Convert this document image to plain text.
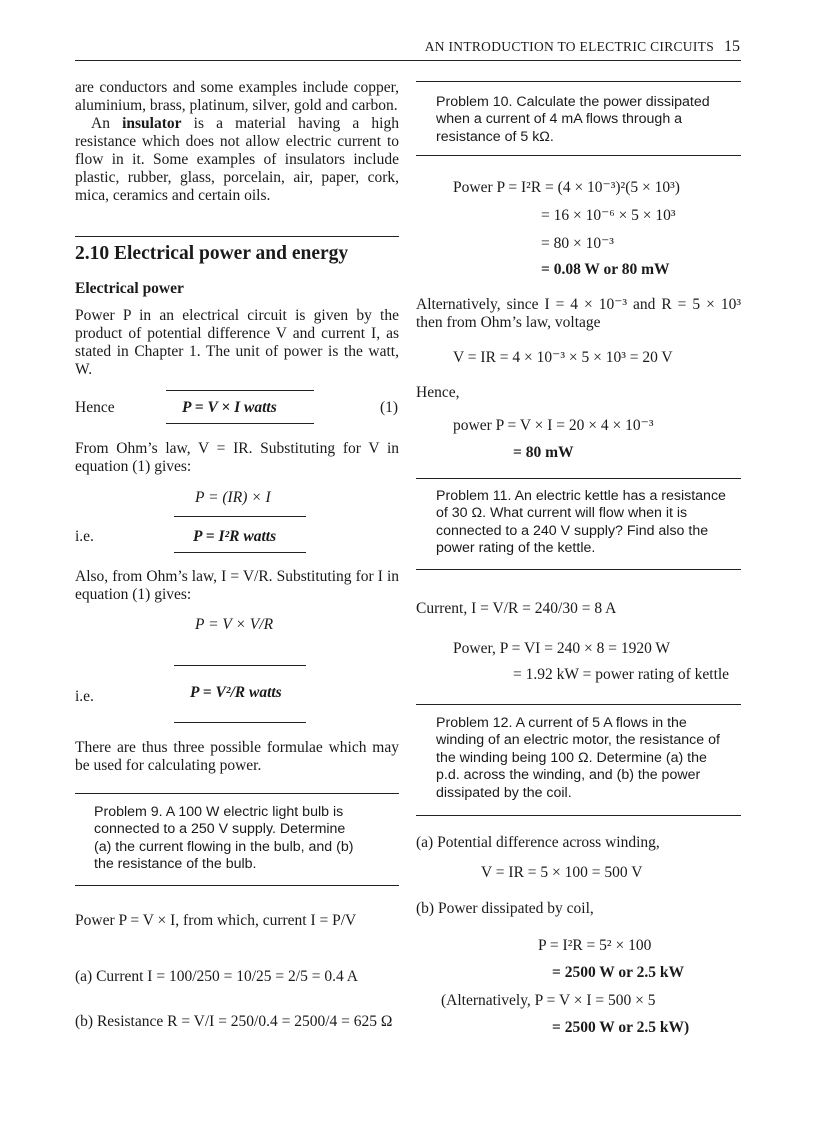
AN INTRODUCTION TO ELECTRIC CIRCUITS 15
are conductors and some examples include copper, aluminium, brass, platinum, silver, gold and carbon.
An insulator is a material having a high resistance which does not allow electric current to flow in it. Some examples of insulators include plastic, rubber, glass, porcelain, air, paper, cork, mica, ceramics and certain oils.
2.10 Electrical power and energy
Electrical power
Power P in an electrical circuit is given by the product of potential difference V and current I, as stated in Chapter 1. The unit of power is the watt, W.
Hence	P = V × I watts	(1)
From Ohm’s law, V = IR. Substituting for V in equation (1) gives:
P = (IR) × I
i.e.	P = I²R watts
Also, from Ohm’s law, I = V/R. Substituting for I in equation (1) gives:
P = V × V/R
i.e.	P = V²/R watts
There are thus three possible formulae which may be used for calculating power.
Problem 9. A 100 W electric light bulb is connected to a 250 V supply. Determine (a) the current flowing in the bulb, and (b) the resistance of the bulb.
Power P = V × I, from which, current I = P/V
(a) Current I = 100/250 = 10/25 = 2/5 = 0.4 A
(b) Resistance R = V/I = 250/0.4 = 2500/4 = 625 Ω
Problem 10. Calculate the power dissipated when a current of 4 mA flows through a resistance of 5 kΩ.
Power P = I²R = (4 × 10⁻³)²(5 × 10³)
= 16 × 10⁻⁶ × 5 × 10³
= 80 × 10⁻³
= 0.08 W or 80 mW
Alternatively, since I = 4 × 10⁻³ and R = 5 × 10³ then from Ohm’s law, voltage
V = IR = 4 × 10⁻³ × 5 × 10³ = 20 V
Hence,
power P = V × I = 20 × 4 × 10⁻³
= 80 mW
Problem 11. An electric kettle has a resistance of 30 Ω. What current will flow when it is connected to a 240 V supply? Find also the power rating of the kettle.
Current, I = V/R = 240/30 = 8 A
Power, P = VI = 240 × 8 = 1920 W
= 1.92 kW = power rating of kettle
Problem 12. A current of 5 A flows in the winding of an electric motor, the resistance of the winding being 100 Ω. Determine (a) the p.d. across the winding, and (b) the power dissipated by the coil.
(a) Potential difference across winding,
V = IR = 5 × 100 = 500 V
(b) Power dissipated by coil,
P = I²R = 5² × 100
= 2500 W or 2.5 kW
(Alternatively, P = V × I = 500 × 5
= 2500 W or 2.5 kW)
